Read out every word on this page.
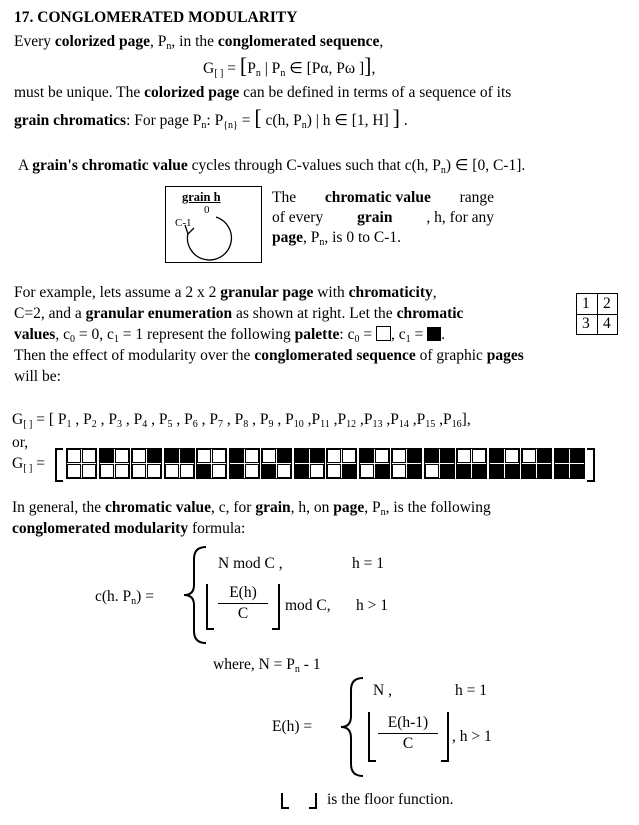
17. CONGLOMERATED MODULARITY
Every colorized page, $P_n$, in the conglomerated sequence,
$G_{[ ]} = [P_n$ | $P_n$ ∈ [Pα, Pω ]],
must be unique. The colorized page can be defined in terms of a sequence of its
grain chromatics: For page $P_n$: $P_{\{n\}}$ = [ c(h, $P_n$) | h ∈ [1, H] ] .
A grain's chromatic value cycles through C-values such that c(h, $P_n$) ∈ [0, C-1].
grain h
0
C-1
The chromatic value range
of every grain , h, for any
page, $P_n$, is 0 to C-1.
For example, lets assume a 2 x 2 granular page with chromaticity,
C=2, and a granular enumeration as shown at right. Let the chromatic
values, $c_0 = 0$, $c_1 = 1$ represent the following palette: $c_0$ = , $c_1$ = .
Then the effect of modularity over the conglomerated sequence of graphic pages
will be:
1 2
3 4
$G_{[ ]}$ = [ $P_1$ , $P_2$ , $P_3$ , $P_4$ , $P_5$ , $P_6$ , $P_7$ , $P_8$ , $P_9$ , $P_{10}$ $,P_{11}$ $,P_{12}$ $,P_{13}$ $,P_{14}$ $,P_{15}$ $,P_{16}$],
or,
$G_{[ ]}$ =
In general, the chromatic value, c, for grain, h, on page, $P_n$, is the following
conglomerated modularity formula:
c(h. $P_n$) =
N mod C ,	h = 1
E(h)
C	mod C, h > 1
where, $N = P_n - 1$
E(h) =
N ,	h = 1
E(h-1)
C	, h > 1
is the floor function.
